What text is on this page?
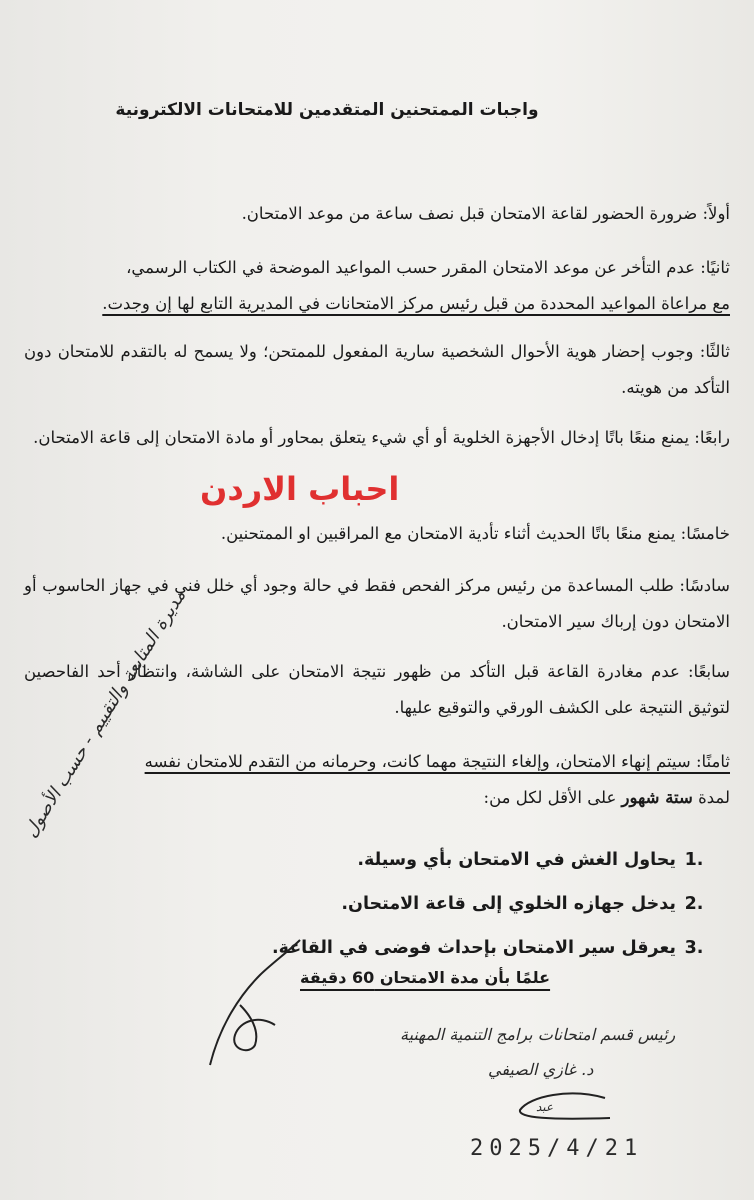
واجبات الممتحنين المتقدمين للامتحانات الالكترونية

أولاً: ضرورة الحضور لقاعة الامتحان قبل نصف ساعة من موعد الامتحان.

ثانيًا: عدم التأخر عن موعد الامتحان المقرر حسب المواعيد الموضحة في الكتاب الرسمي،

مع مراعاة المواعيد المحددة من قبل رئيس مركز الامتحانات في المديرية التابع لها إن وجدت.

ثالثًا: وجوب إحضار هوية الأحوال الشخصية سارية المفعول للممتحن؛ ولا يسمح له بالتقدم للامتحان دون التأكد من هويته.

رابعًا: يمنع منعًا باتًا إدخال الأجهزة الخلوية أو أي شيء يتعلق بمحاور أو مادة الامتحان إلى قاعة الامتحان.

احباب الاردن

خامسًا: يمنع منعًا باتًا الحديث أثناء تأدية الامتحان مع المراقبين او الممتحنين.

سادسًا: طلب المساعدة من رئيس مركز الفحص فقط في حالة وجود أي خلل فني في جهاز الحاسوب أو الامتحان دون إرباك سير الامتحان.

سابعًا: عدم مغادرة القاعة قبل التأكد من ظهور نتيجة الامتحان على الشاشة، وانتظار أحد الفاحصين لتوثيق النتيجة على الكشف الورقي والتوقيع عليها.

ثامنًا: سيتم إنهاء الامتحان، وإلغاء النتيجة مهما كانت، وحرمانه من التقدم للامتحان نفسه

لمدة ستة شهور على الأقل لكل من:

.1 يحاول الغش في الامتحان بأي وسيلة.
.2 يدخل جهازه الخلوي إلى قاعة الامتحان.
.3 يعرقل سير الامتحان بإحداث فوضى في القاعة.
علمًا بأن مدة الامتحان 60 دقيقة
رئيس قسم امتحانات برامج التنمية المهنية
د. غازي الصيفي
عبد
2025/4/21
مديرة المتابعة والتقييم - حسب الأصول
